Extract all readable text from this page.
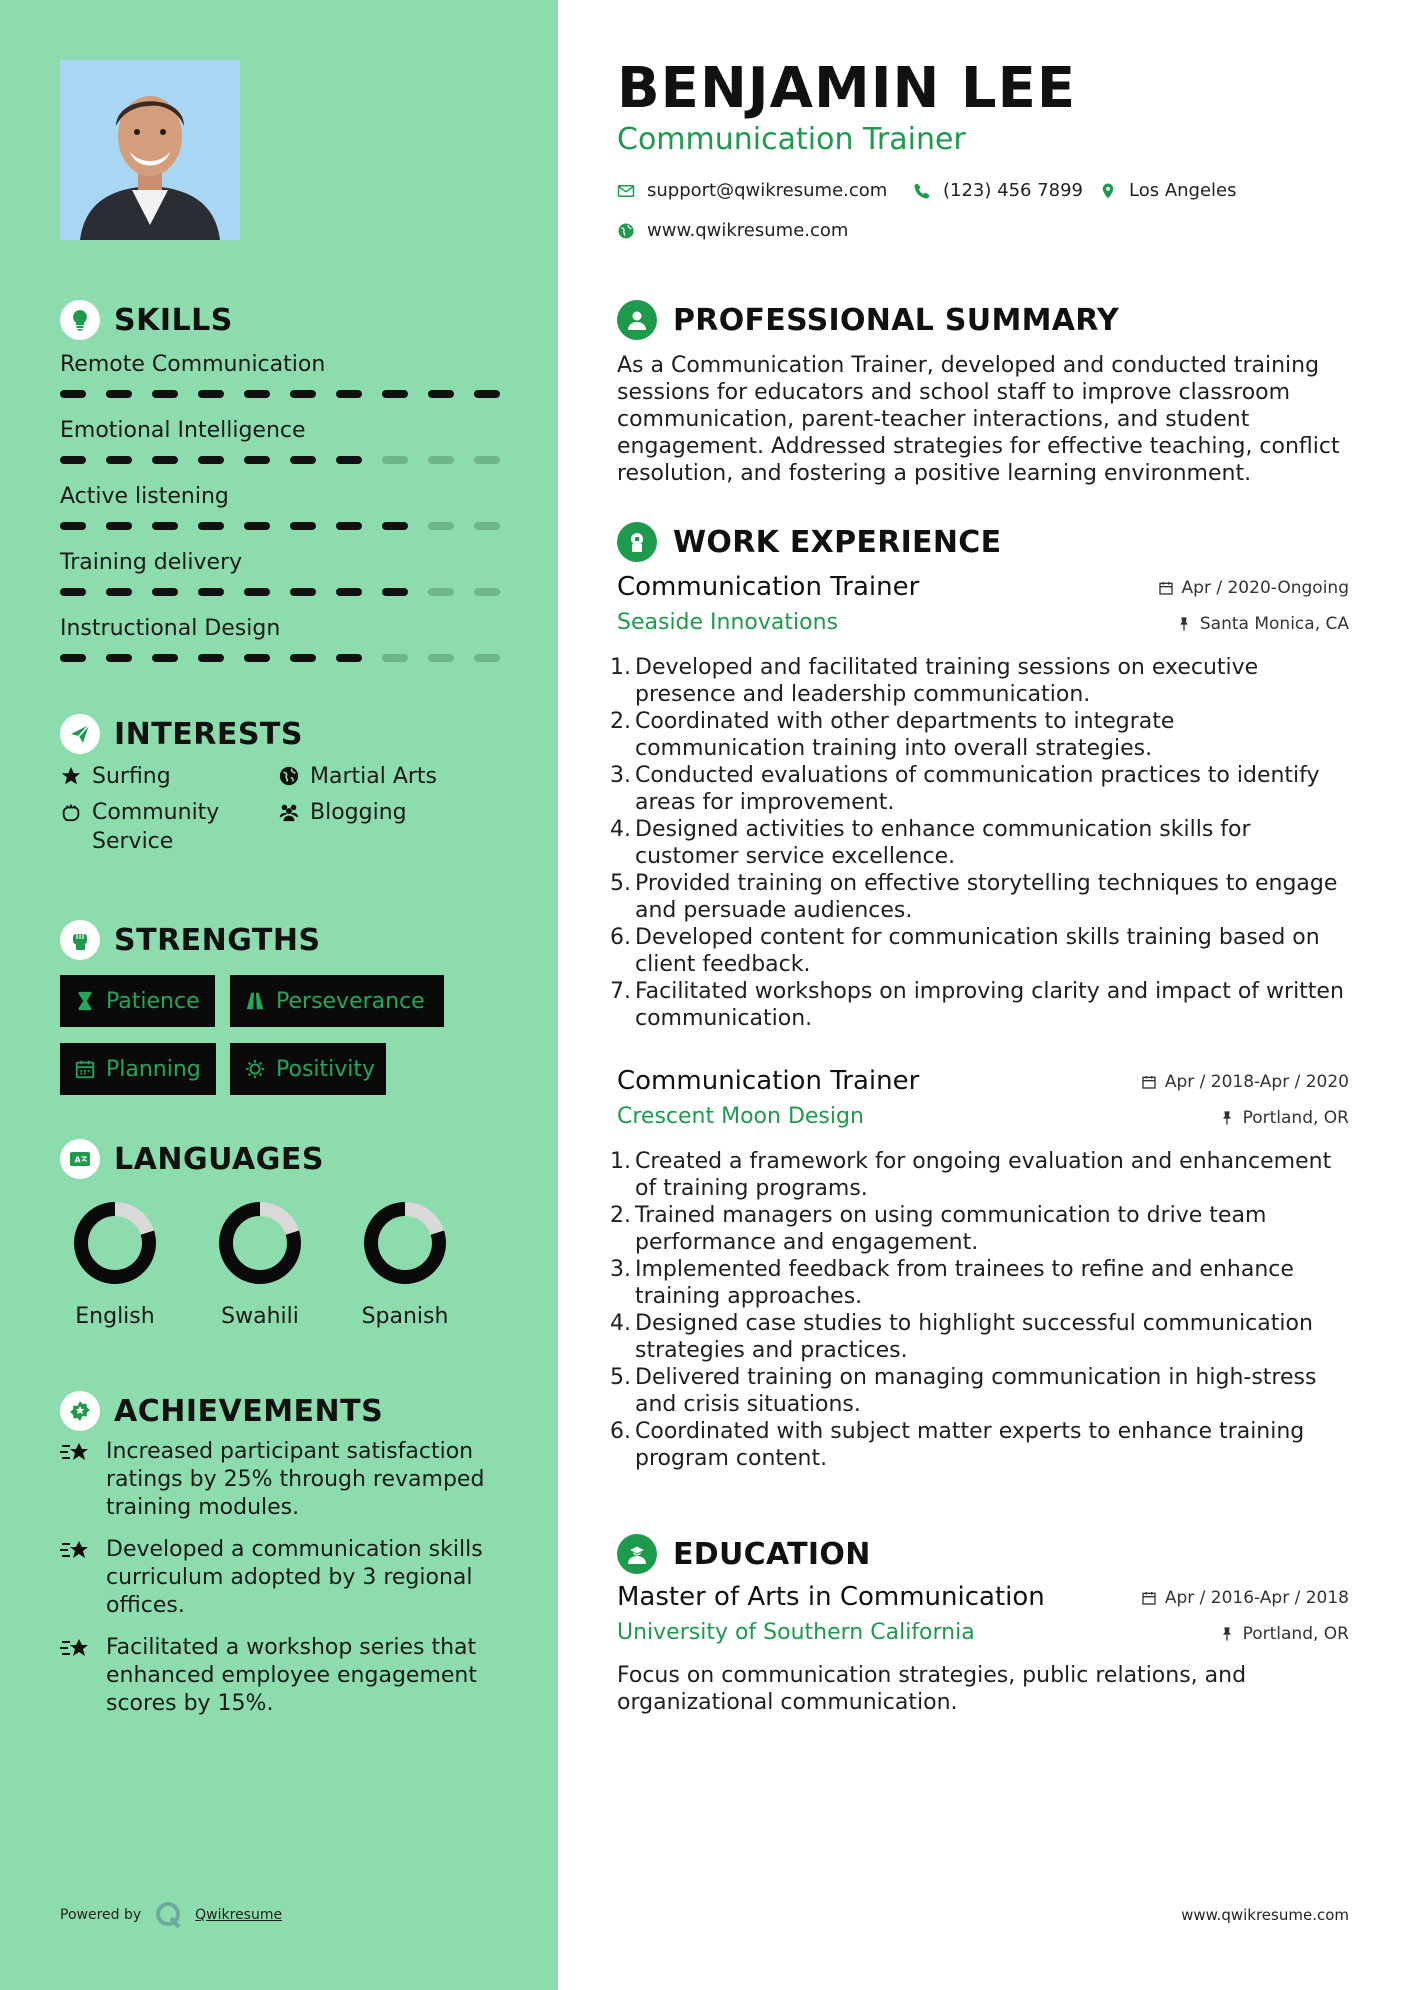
SKILLS
Remote Communication
Emotional Intelligence
Active listening
Training delivery
Instructional Design
INTERESTS
Surfing	Martial Arts
Community Service
Blogging
STRENGTHS
Patience	Perseverance
Planning	Positivity
A LANGUAGES
English	Swahili	Spanish
ACHIEVEMENTS
Increased participant satisfaction ratings by 25% through revamped training modules.
Developed a communication skills curriculum adopted by 3 regional offices.
Facilitated a workshop series that enhanced employee engagement scores by 15%.
Powered by	Qwikresume
BENJAMIN LEE
Communication Trainer
support@qwikresume.com	(123) 456 7899	Los Angeles
www.qwikresume.com
PROFESSIONAL SUMMARY
As a Communication Trainer, developed and conducted training sessions for educators and school staff to improve classroom communication, parent-teacher interactions, and student engagement. Addressed strategies for effective teaching, conflict resolution, and fostering a positive learning environment.
WORK EXPERIENCE
Communication Trainer	Apr / 2020-Ongoing
Seaside Innovations	Santa Monica, CA
1. Developed and facilitated training sessions on executive presence and leadership communication.
2. Coordinated with other departments to integrate communication training into overall strategies.
3. Conducted evaluations of communication practices to identify areas for improvement.
4. Designed activities to enhance communication skills for customer service excellence.
5. Provided training on effective storytelling techniques to engage and persuade audiences.
6. Developed content for communication skills training based on client feedback.
7. Facilitated workshops on improving clarity and impact of written communication.
Communication Trainer	Apr / 2018-Apr / 2020
Crescent Moon Design	Portland, OR
1. Created a framework for ongoing evaluation and enhancement of training programs.
2. Trained managers on using communication to drive team performance and engagement.
3. Implemented feedback from trainees to refine and enhance training approaches.
4. Designed case studies to highlight successful communication strategies and practices.
5. Delivered training on managing communication in high-stress and crisis situations.
6. Coordinated with subject matter experts to enhance training program content.
EDUCATION
Master of Arts in Communication	Apr / 2016-Apr / 2018
University of Southern California	Portland, OR
Focus on communication strategies, public relations, and organizational communication.
www.qwikresume.com
